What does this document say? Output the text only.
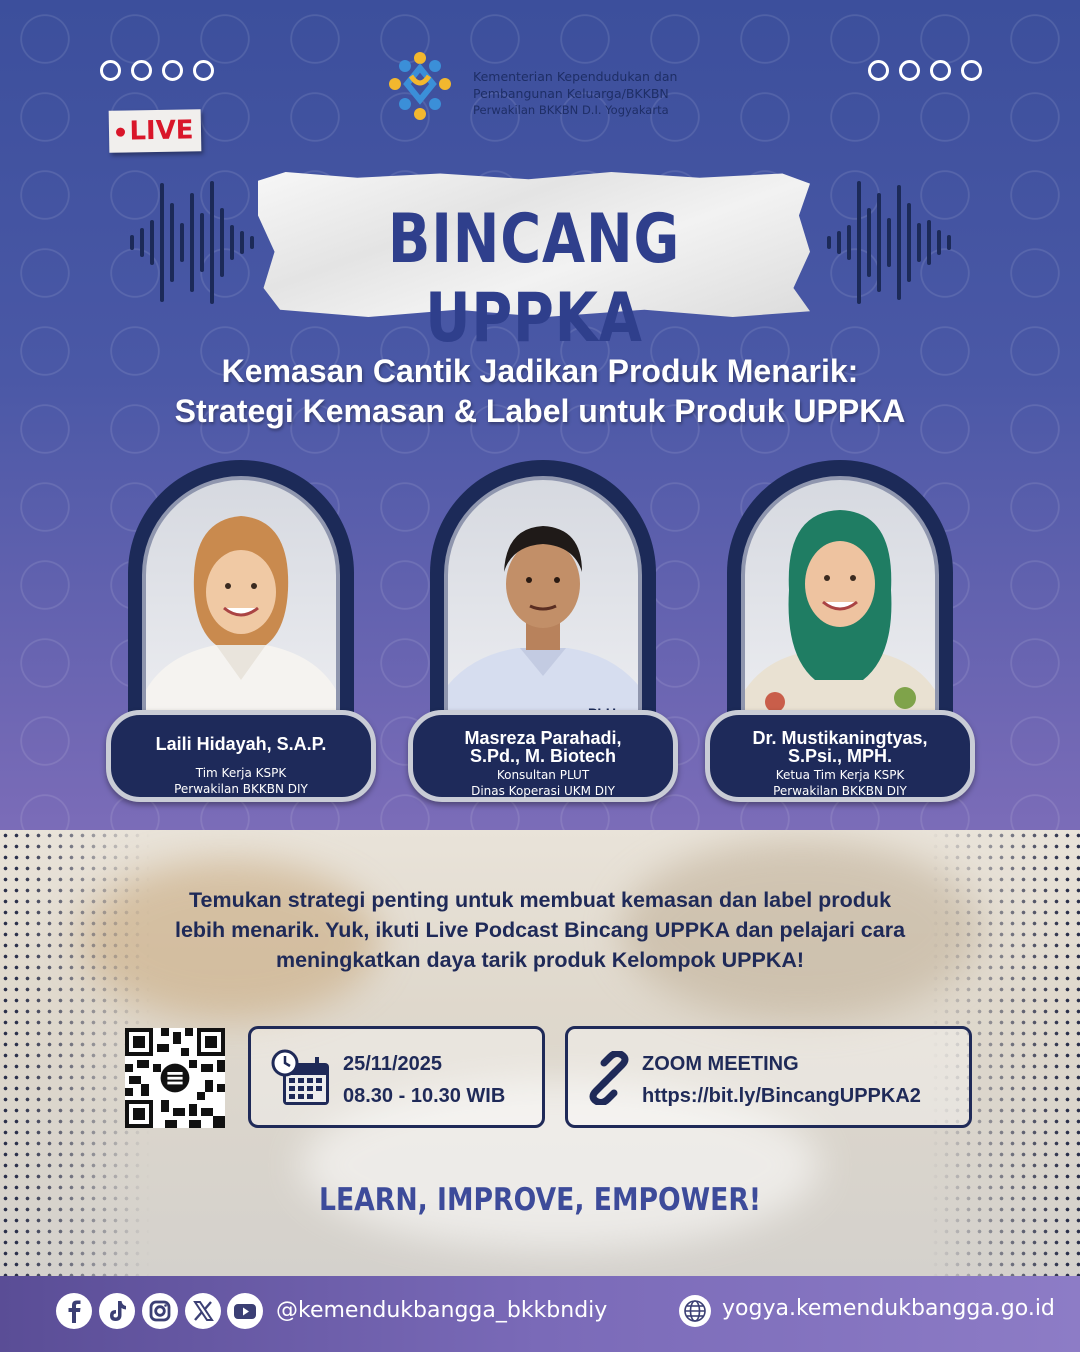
LIVE
Kementerian Kependudukan dan
Pembangunan Keluarga/BKKBN
Perwakilan BKKBN D.I. Yogyakarta
BINCANG UPPKA
Kemasan Cantik Jadikan Produk Menarik:
Strategi Kemasan & Label untuk Produk UPPKA
Laili Hidayah, S.A.P.
Tim Kerja KSPK
Perwakilan BKKBN DIY
Masreza Parahadi,
S.Pd., M. Biotech
Konsultan PLUT
Dinas Koperasi UKM DIY
Dr. Mustikaningtyas,
S.Psi., MPH.
Ketua Tim Kerja KSPK
Perwakilan BKKBN DIY
Temukan strategi penting untuk membuat kemasan dan label produk
lebih menarik. Yuk, ikuti Live Podcast Bincang UPPKA dan pelajari cara
meningkatkan daya tarik produk Kelompok UPPKA!
25/11/2025
08.30 - 10.30 WIB
ZOOM MEETING
https://bit.ly/BincangUPPKA2
LEARN, IMPROVE, EMPOWER!
@kemendukbangga_bkkbndiy	yogya.kemendukbangga.go.id
